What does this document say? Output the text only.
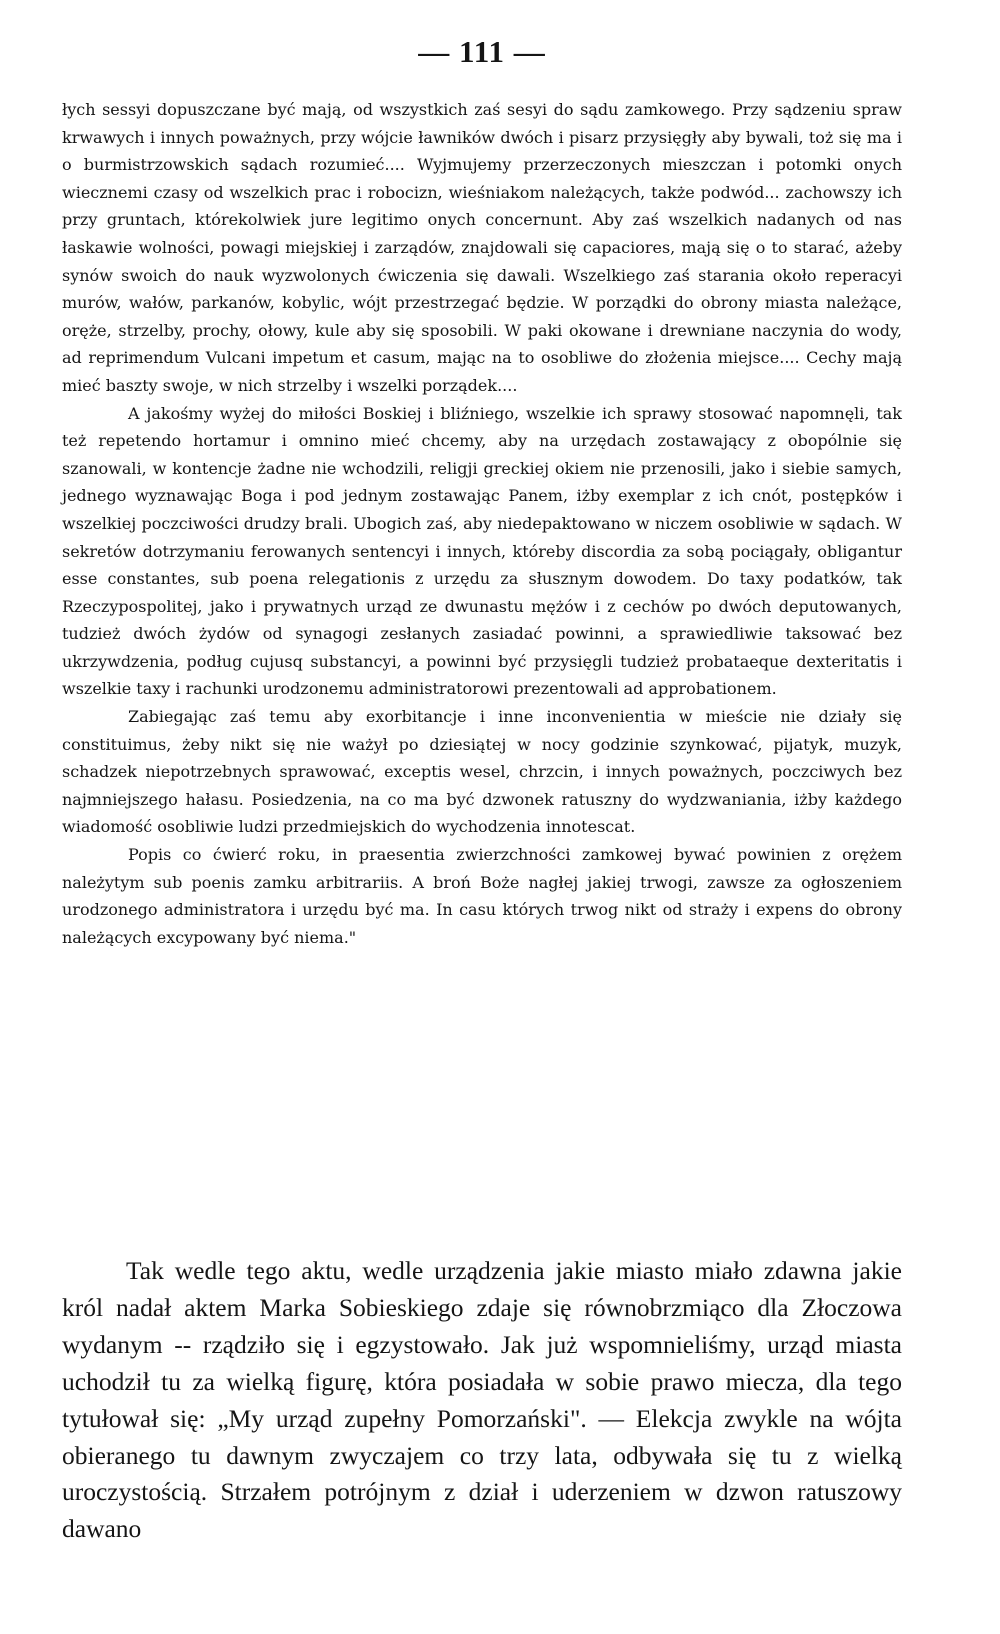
— 111 —

łych sessyi dopuszczane być mają, od wszystkich zaś sesyi do sądu zamkowego. Przy sądzeniu spraw krwawych i innych poważnych, przy wójcie ławników dwóch i pisarz przysięgły aby bywali, toż się ma i o burmistrzowskich sądach rozumieć.... Wyjmujemy przerzeczonych mieszczan i potomki onych wiecznemi czasy od wszelkich prac i robocizn, wieśniakom należących, także podwód... zachowszy ich przy gruntach, którekolwiek jure legitimo onych concernunt. Aby zaś wszelkich nadanych od nas łaskawie wolności, powagi miejskiej i zarządów, znajdowali się capaciores, mają się o to starać, ażeby synów swoich do nauk wyzwolonych ćwiczenia się dawali. Wszelkiego zaś starania około reperacyi murów, wałów, parkanów, kobylic, wójt przestrzegać będzie. W porządki do obrony miasta należące, oręże, strzelby, prochy, ołowy, kule aby się sposobili. W paki okowane i drewniane naczynia do wody, ad reprimendum Vulcani impetum et casum, mając na to osobliwe do złożenia miejsce.... Cechy mają mieć baszty swoje, w nich strzelby i wszelki porządek....

A jakośmy wyżej do miłości Boskiej i bliźniego, wszelkie ich sprawy stosować napomnęli, tak też repetendo hortamur i omnino mieć chcemy, aby na urzędach zostawający z obopólnie się szanowali, w kontencje żadne nie wchodzili, religji greckiej okiem nie przenosili, jako i siebie samych, jednego wyznawając Boga i pod jednym zostawając Panem, iżby exemplar z ich cnót, postępków i wszelkiej poczciwości drudzy brali. Ubogich zaś, aby niedepaktowano w niczem osobliwie w sądach. W sekretów dotrzymaniu ferowanych sentencyi i innych, któreby discordia za sobą pociągały, obligantur esse constantes, sub poena relegationis z urzędu za słusznym dowodem. Do taxy podatków, tak Rzeczypospolitej, jako i prywatnych urząd ze dwunastu mężów i z cechów po dwóch deputowanych, tudzież dwóch żydów od synagogi zesłanych zasiadać powinni, a sprawiedliwie taksować bez ukrzywdzenia, podług cujusq substancyi, a powinni być przysięgli tudzież probataeque dexteritatis i wszelkie taxy i rachunki urodzonemu administratorowi prezentowali ad approbationem.

Zabiegając zaś temu aby exorbitancje i inne inconvenientia w mieście nie działy się constituimus, żeby nikt się nie ważył po dziesiątej w nocy godzinie szynkować, pijatyk, muzyk, schadzek niepotrzebnych sprawować, exceptis wesel, chrzcin, i innych poważnych, poczciwych bez najmniejszego hałasu. Posiedzenia, na co ma być dzwonek ratuszny do wydzwaniania, iżby każdego wiadomość osobliwie ludzi przedmiejskich do wychodzenia innotescat.

Popis co ćwierć roku, in praesentia zwierzchności zamkowej bywać powinien z orężem należytym sub poenis zamku arbitrariis. A broń Boże nagłej jakiej trwogi, zawsze za ogłoszeniem urodzonego administratora i urzędu być ma. In casu których trwog nikt od straży i expens do obrony należących excypowany być niema."

Tak wedle tego aktu, wedle urządzenia jakie miasto miało zdawna jakie król nadał aktem Marka Sobieskiego zdaje się równobrzmiąco dla Złoczowa wydanym -- rządziło się i egzystowało. Jak już wspomnieliśmy, urząd miasta uchodził tu za wielką figurę, która posiadała w sobie prawo miecza, dla tego tytułował się: „My urząd zupełny Pomorzański". — Elekcja zwykle na wójta obieranego tu dawnym zwyczajem co trzy lata, odbywała się tu z wielką uroczystością. Strzałem potrójnym z dział i uderzeniem w dzwon ratuszowy dawano
